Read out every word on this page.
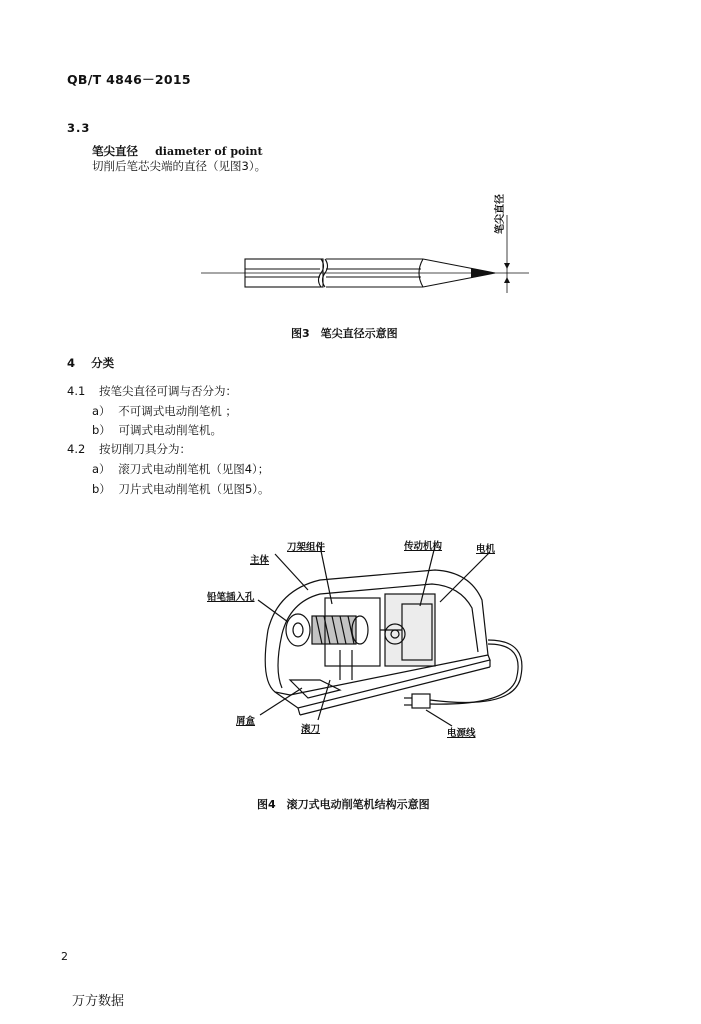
QB/T 4846－2015
3.3
笔尖直径 diameter of point
切削后笔芯尖端的直径（见图3）。
笔尖直径
图3　笔尖直径示意图
4 分类
4.1 按笔尖直径可调与否分为：
a） 不可调式电动削笔机 ；
b） 可调式电动削笔机。
4.2 按切削刀具分为：
a） 滚刀式电动削笔机（见图4）；
b） 刀片式电动削笔机（见图5）。
刀架组件
主体
传动机构	电机
铅笔插入孔
屑盒
滚刀	电源线
图4　滚刀式电动削笔机结构示意图
2
万方数据
